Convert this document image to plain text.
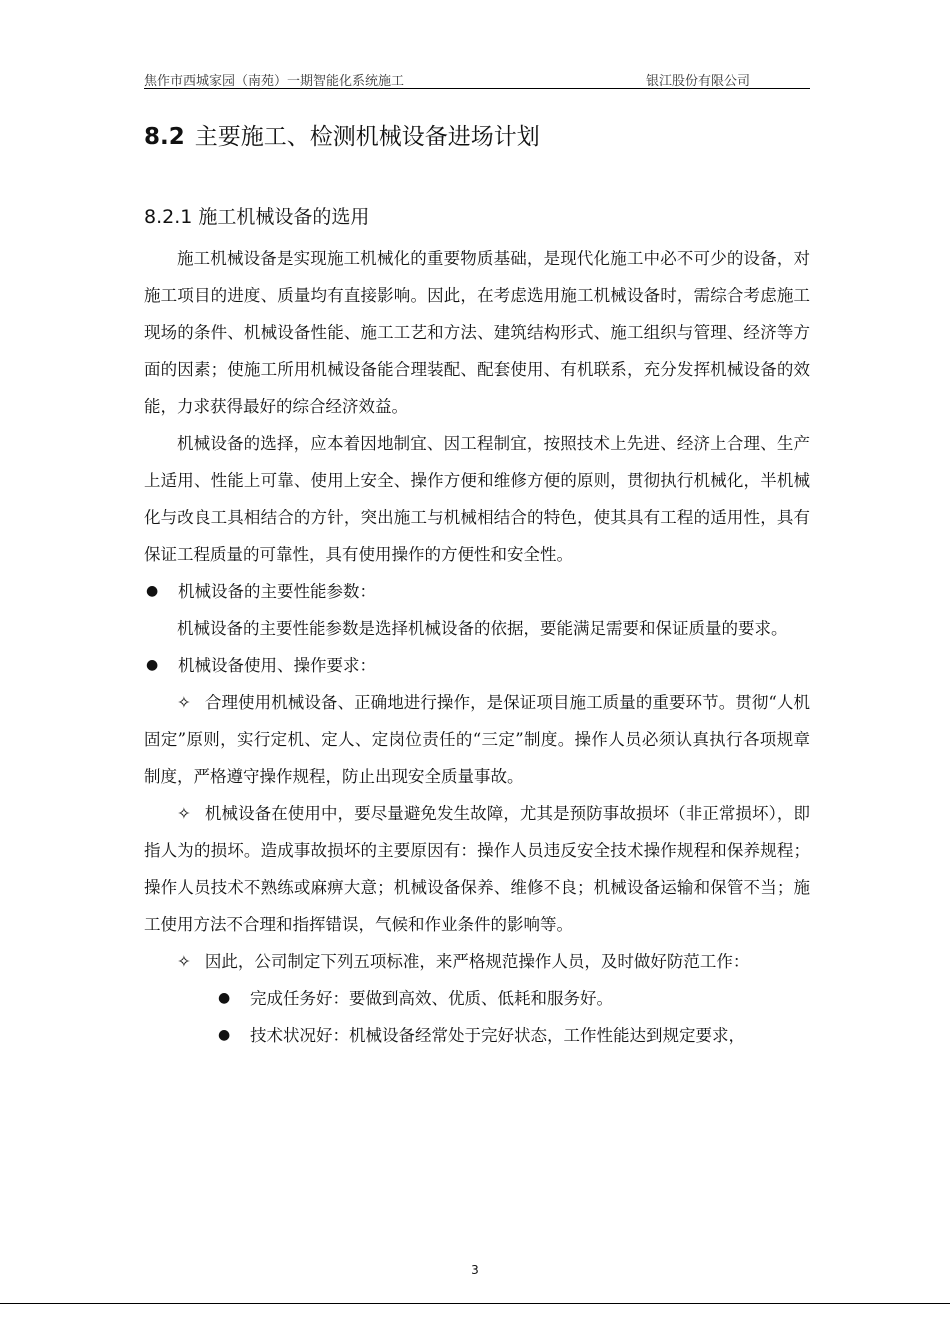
焦作市西城家园（南苑）一期智能化系统施工	银江股份有限公司
8.2 主要施工、检测机械设备进场计划
8.2.1 施工机械设备的选用

施工机械设备是实现施工机械化的重要物质基础，是现代化施工中必不可少的设备，对施工项目的进度、质量均有直接影响。因此，在考虑选用施工机械设备时，需综合考虑施工现场的条件、机械设备性能、施工工艺和方法、建筑结构形式、施工组织与管理、经济等方面的因素；使施工所用机械设备能合理装配、配套使用、有机联系，充分发挥机械设备的效能，力求获得最好的综合经济效益。

机械设备的选择，应本着因地制宜、因工程制宜，按照技术上先进、经济上合理、生产上适用、性能上可靠、使用上安全、操作方便和维修方便的原则，贯彻执行机械化，半机械化与改良工具相结合的方针，突出施工与机械相结合的特色，使其具有工程的适用性，具有保证工程质量的可靠性，具有使用操作的方便性和安全性。

● 机械设备的主要性能参数：

机械设备的主要性能参数是选择机械设备的依据，要能满足需要和保证质量的要求。

● 机械设备使用、操作要求：

✧ 合理使用机械设备、正确地进行操作，是保证项目施工质量的重要环节。贯彻“人机固定”原则，实行定机、定人、定岗位责任的“三定”制度。操作人员必须认真执行各项规章制度，严格遵守操作规程，防止出现安全质量事故。

✧ 机械设备在使用中，要尽量避免发生故障，尤其是预防事故损坏（非正常损坏），即指人为的损坏。造成事故损坏的主要原因有：操作人员违反安全技术操作规程和保养规程；操作人员技术不熟练或麻痹大意；机械设备保养、维修不良；机械设备运输和保管不当；施工使用方法不合理和指挥错误，气候和作业条件的影响等。

✧ 因此，公司制定下列五项标准，来严格规范操作人员，及时做好防范工作：

● 完成任务好：要做到高效、优质、低耗和服务好。

● 技术状况好：机械设备经常处于完好状态，工作性能达到规定要求，

3
